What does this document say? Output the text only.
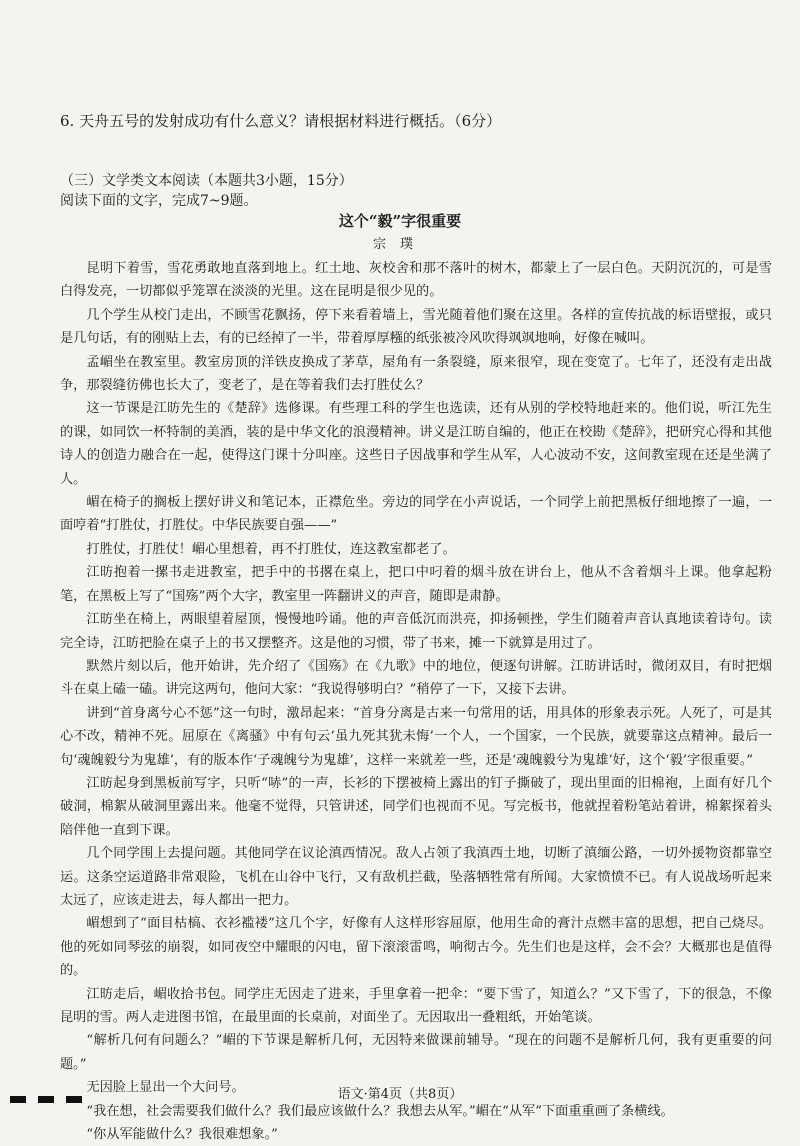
6. 天舟五号的发射成功有什么意义？请根据材料进行概括。（6分）
（三）文学类文本阅读（本题共3小题，15分）
阅读下面的文字，完成7~9题。
这个“毅”字很重要
宗璞

昆明下着雪，雪花勇敢地直落到地上。红土地、灰校舍和那不落叶的树木，都蒙上了一层白色。天阴沉沉的，可是雪白得发亮，一切都似乎笼罩在淡淡的光里。这在昆明是很少见的。

几个学生从校门走出，不顾雪花飘扬，停下来看着墙上，雪光随着他们聚在这里。各样的宣传抗战的标语壁报，或只是几句话，有的刚贴上去，有的已经掉了一半，带着厚厚糨的纸张被冷风吹得飒飒地响，好像在喊叫。

孟嵋坐在教室里。教室房顶的洋铁皮换成了茅草，屋角有一条裂缝，原来很窄，现在变宽了。七年了，还没有走出战争，那裂缝彷佛也长大了，变老了，是在等着我们去打胜仗么？

这一节课是江昉先生的《楚辞》选修课。有些理工科的学生也选读，还有从别的学校特地赶来的。他们说，听江先生的课，如同饮一杯特制的美酒，装的是中华文化的浪漫精神。讲义是江昉自编的，他正在校勘《楚辞》，把研究心得和其他诗人的创造力融合在一起，使得这门课十分叫座。这些日子因战事和学生从军，人心波动不安，这间教室现在还是坐满了人。

嵋在椅子的搁板上摆好讲义和笔记本，正襟危坐。旁边的同学在小声说话，一个同学上前把黑板仔细地擦了一遍，一面哼着“打胜仗，打胜仗。中华民族要自强——”

打胜仗，打胜仗！嵋心里想着，再不打胜仗，连这教室都老了。

江昉抱着一摞书走进教室，把手中的书撂在桌上，把口中叼着的烟斗放在讲台上，他从不含着烟斗上课。他拿起粉笔，在黑板上写了“国殇”两个大字，教室里一阵翻讲义的声音，随即是肃静。

江昉坐在椅上，两眼望着屋顶，慢慢地吟诵。他的声音低沉而洪亮，抑扬顿挫，学生们随着声音认真地读着诗句。读完全诗，江昉把脸在桌子上的书又摆整齐。这是他的习惯，带了书来，摊一下就算是用过了。

默然片刻以后，他开始讲，先介绍了《国殇》在《九歌》中的地位，便逐句讲解。江昉讲话时，微闭双目，有时把烟斗在桌上磕一磕。讲完这两句，他问大家：“我说得够明白？”稍停了一下，又接下去讲。

讲到“首身离兮心不惩”这一句时，激昂起来：“首身分离是古来一句常用的话，用具体的形象表示死。人死了，可是其心不改，精神不死。屈原在《离骚》中有句云‘虽九死其犹未悔’一个人，一个国家，一个民族，就要靠这点精神。最后一句‘魂魄毅兮为鬼雄’，有的版本作‘子魂魄兮为鬼雄’，这样一来就差一些，还是‘魂魄毅兮为鬼雄’好，这个‘毅’字很重要。”

江昉起身到黑板前写字，只听“哧”的一声，长衫的下摆被椅上露出的钉子撕破了，现出里面的旧棉袍，上面有好几个破洞，棉絮从破洞里露出来。他毫不觉得，只管讲述，同学们也视而不见。写完板书，他就捏着粉笔站着讲，棉絮探着头陪伴他一直到下课。

几个同学围上去提问题。其他同学在议论滇西情况。敌人占领了我滇西土地，切断了滇缅公路，一切外援物资都靠空运。这条空运道路非常艰险，飞机在山谷中飞行，又有敌机拦截，坠落牺牲常有所闻。大家愤愤不已。有人说战场听起来太远了，应该走进去，每人都出一把力。

嵋想到了“面目枯槁、衣衫褴褛”这几个字，好像有人这样形容屈原，他用生命的膏汁点燃丰富的思想，把自己烧尽。他的死如同琴弦的崩裂，如同夜空中耀眼的闪电，留下滚滚雷鸣，响彻古今。先生们也是这样，会不会？大概那也是值得的。

江昉走后，嵋收拾书包。同学庄无因走了进来，手里拿着一把伞：“要下雪了，知道么？”又下雪了，下的很急，不像昆明的雪。两人走进图书馆，在最里面的长桌前，对面坐了。无因取出一叠粗纸，开始笔谈。

“解析几何有问题么？”嵋的下节课是解析几何，无因特来做课前辅导。“现在的问题不是解析几何，我有更重要的问题。”

无因脸上显出一个大问号。

“我在想，社会需要我们做什么？我们最应该做什么？我想去从军。”嵋在“从军”下面重重画了条横线。

“你从军能做什么？我很难想象。”

语文·第4页（共8页）
